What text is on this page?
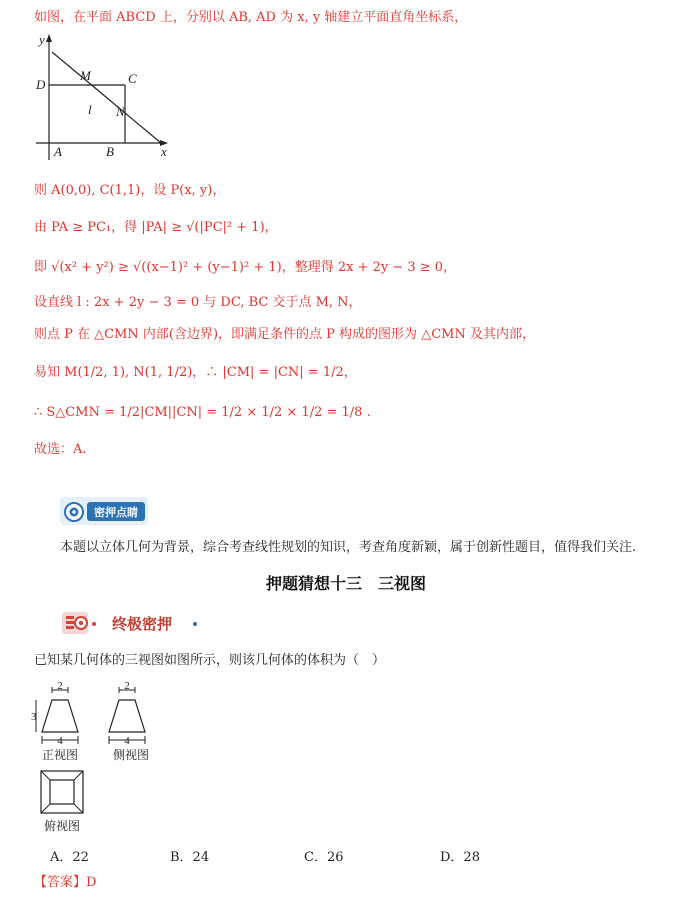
如图，在平面 ABCD 上，分别以 AB, AD 为 x, y 轴建立平面直角坐标系，
y
x
D
M	C
l N
A	B
则 A(0,0), C(1,1)，设 P(x, y)，
由 PA ≥ PC₁，得 |PA| ≥ √(|PC|² + 1)，
即 √(x² + y²) ≥ √((x−1)² + (y−1)² + 1)，整理得 2x + 2y − 3 ≥ 0，
设直线 l : 2x + 2y − 3 = 0 与 DC, BC 交于点 M, N，
则点 P 在 △CMN 内部(含边界)，即满足条件的点 P 构成的图形为 △CMN 及其内部，
易知 M(1/2, 1), N(1, 1/2)，∴ |CM| = |CN| = 1/2，
∴ S△CMN = 1/2|CM||CN| = 1/2 × 1/2 × 1/2 = 1/8 .
故选：A.
密押点睛
本题以立体几何为背景，综合考查线性规划的知识，考查角度新颖，属于创新性题目，值得我们关注.
押题猜想十三　三视图
终极密押
已知某几何体的三视图如图所示，则该几何体的体积为（　）
2
3
4
正视图
2
4
侧视图
俯视图
A．22	B．24	C．26	D．28
【答案】D
